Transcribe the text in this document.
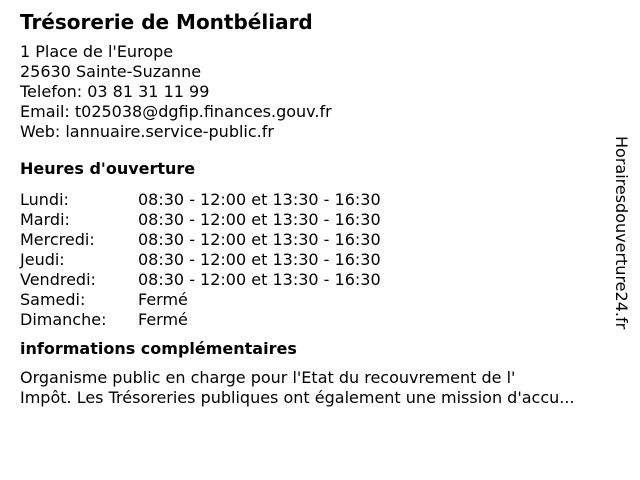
Trésorerie de Montbéliard
1 Place de l'Europe
25630 Sainte-Suzanne
Telefon: 03 81 31 11 99
Email: t025038@dgfip.finances.gouv.fr
Web: lannuaire.service-public.fr
Heures d'ouverture
Lundi:	08:30 - 12:00 et 13:30 - 16:30
Mardi:	08:30 - 12:00 et 13:30 - 16:30
Mercredi:	08:30 - 12:00 et 13:30 - 16:30
Jeudi:	08:30 - 12:00 et 13:30 - 16:30
Vendredi:	08:30 - 12:00 et 13:30 - 16:30
Samedi:	Fermé
Dimanche:	Fermé
informations complémentaires
Organisme public en charge pour l'Etat du recouvrement de l'
Impôt. Les Trésoreries publiques ont également une mission d'accu...
Horairesdouverture24.fr
